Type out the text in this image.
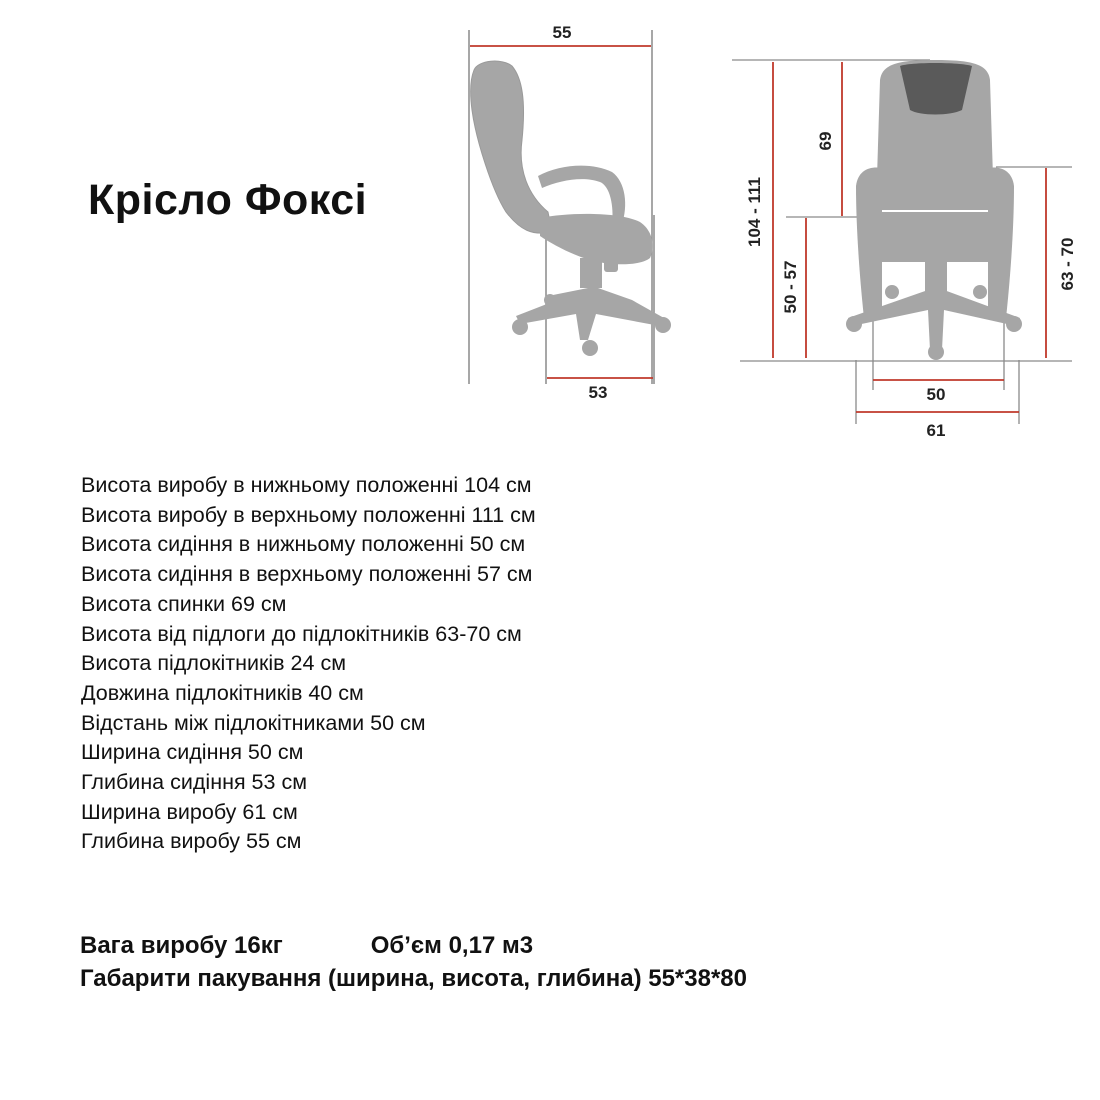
Крісло Фоксі
55
53
104 - 111
50 - 57
69
63 - 70
50
61
Висота виробу в нижньому положенні 104 см
Висота виробу в верхньому положенні 111 см
Висота сидіння в нижньому положенні 50 см
Висота сидіння в верхньому положенні 57 см
Висота спинки 69 см
Висота від підлоги до підлокітників 63-70 см
Висота підлокітників 24 см
Довжина підлокітників 40 см
Відстань між підлокітниками 50 см
Ширина сидіння 50 см
Глибина сидіння 53 см
Ширина виробу 61 см
Глибина виробу 55 см
Вага виробу 16кг	Об’єм 0,17 м3
Габарити пакування (ширина, висота, глибина) 55*38*80
